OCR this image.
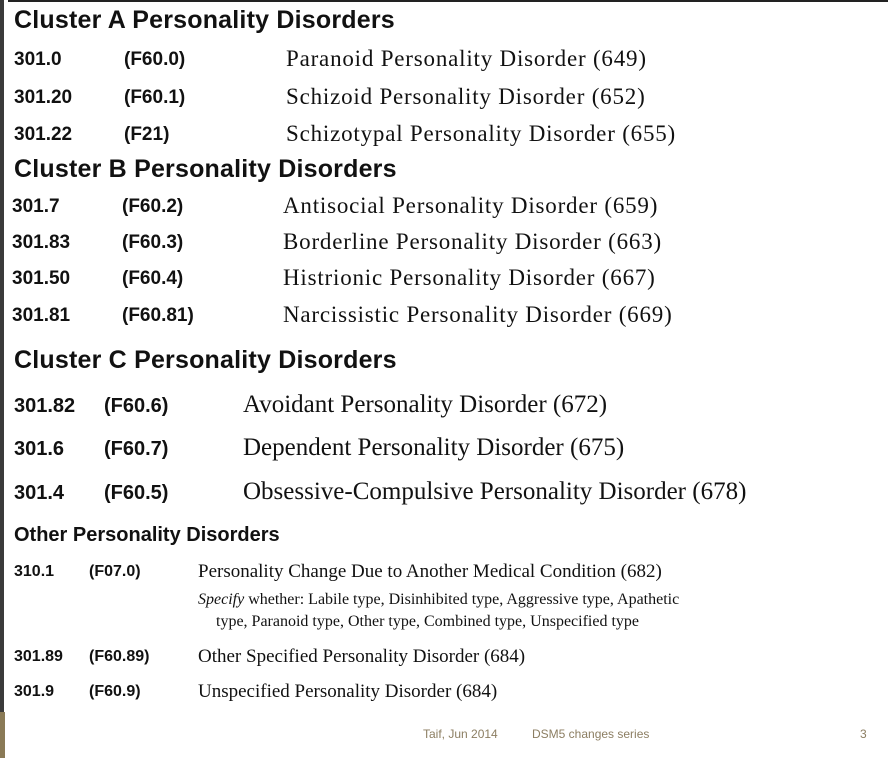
Cluster A Personality Disorders
301.0	(F60.0)	Paranoid Personality Disorder (649)
301.20	(F60.1)	Schizoid Personality Disorder (652)
301.22	(F21)	Schizotypal Personality Disorder (655)
Cluster B Personality Disorders
301.7	(F60.2)	Antisocial Personality Disorder (659)
301.83	(F60.3)	Borderline Personality Disorder (663)
301.50	(F60.4)	Histrionic Personality Disorder (667)
301.81	(F60.81)	Narcissistic Personality Disorder (669)
Cluster C Personality Disorders
301.82 (F60.6)	Avoidant Personality Disorder (672)
301.6 (F60.7)	Dependent Personality Disorder (675)
301.4 (F60.5)	Obsessive-Compulsive Personality Disorder (678)
Other Personality Disorders
310.1 (F07.0)	Personality Change Due to Another Medical Condition (682)
Specify whether: Labile type, Disinhibited type, Aggressive type, Apathetic
type, Paranoid type, Other type, Combined type, Unspecified type
301.89 (F60.89)	Other Specified Personality Disorder (684)
301.9 (F60.9)	Unspecified Personality Disorder (684)
Taif, Jun 2014	DSM5 changes series	3
